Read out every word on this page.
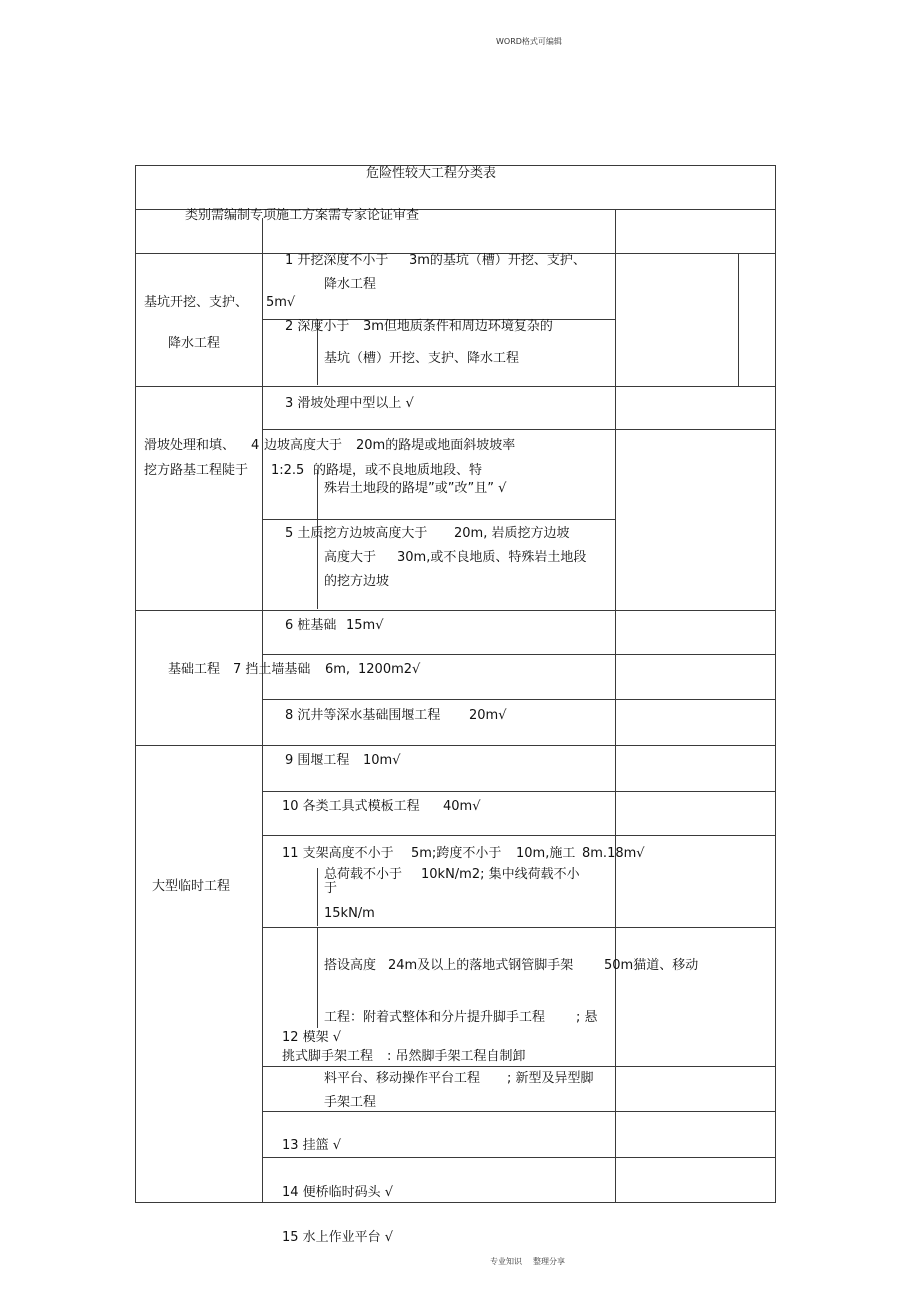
WORD格式可编辑
危险性较大工程分类表
类别需编制专项施工方案需专家论证审查
基坑开挖、支护、 5m√
降水工程
滑坡处理和填、
挖方路基工程陡于
基础工程
大型临时工程
1 开挖深度不小于 3m的基坑（槽）开挖、支护、
降水工程
2 深度小于 3m但地质条件和周边环境复杂的
基坑（槽）开挖、支护、降水工程
3 滑坡处理中型以上 √
4 边坡高度大于 20m的路堤或地面斜坡坡率
1:2.5 的路堤，或不良地质地段、特
殊岩土地段的路堤”或”改”且” √
5 土质挖方边坡高度大于 20m, 岩质挖方边坡
高度大于 30m,或不良地质、特殊岩土地段
的挖方边坡
6 桩基础 15m√
7 挡土墙基础 6m, 1200m2√
8 沉井等深水基础围堰工程 20m√
9 围堰工程 10m√
10 各类工具式模板工程 40m√
11 支架高度不小于 5m;跨度不小于 10m,施工 8m.18m√
总荷载不小于 10kN/m2; 集中线荷载不小
于
15kN/m
搭设高度 24m及以上的落地式钢管脚手架 50m猫道、移动
工程：附着式整体和分片提升脚手工程 ; 悬
12 模架 √
挑式脚手架工程 : 吊然脚手架工程自制卸
料平台、移动操作平台工程 ; 新型及异型脚
手架工程
13 挂篮 √
14 便桥临时码头 √
15 水上作业平台 √
专业知识 整理分享
